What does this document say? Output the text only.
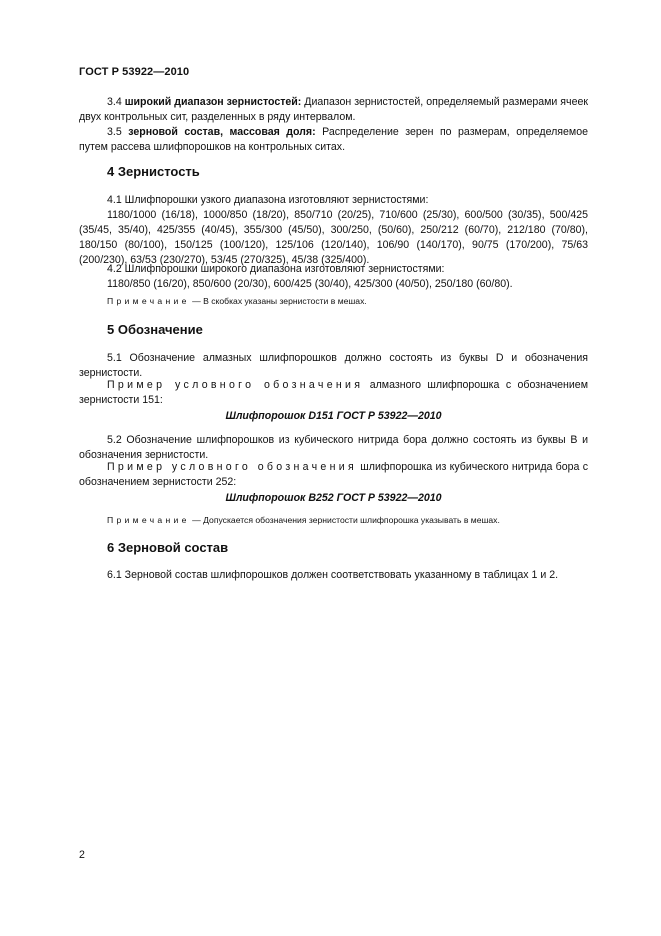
ГОСТ Р 53922—2010
3.4 широкий диапазон зернистостей: Диапазон зернистостей, определяемый размерами ячеек двух контрольных сит, разделенных в ряду интервалом.
3.5 зерновой состав, массовая доля: Распределение зерен по размерам, определяемое путем рассева шлифпорошков на контрольных ситах.
4 Зернистость
4.1 Шлифпорошки узкого диапазона изготовляют зернистостями:
1180/1000 (16/18), 1000/850 (18/20), 850/710 (20/25), 710/600 (25/30), 600/500 (30/35), 500/425 (35/45, 35/40), 425/355 (40/45), 355/300 (45/50), 300/250, (50/60), 250/212 (60/70), 212/180 (70/80), 180/150 (80/100), 150/125 (100/120), 125/106 (120/140), 106/90 (140/170), 90/75 (170/200), 75/63 (200/230), 63/53 (230/270), 53/45 (270/325), 45/38 (325/400).
4.2 Шлифпорошки широкого диапазона изготовляют зернистостями:
1180/850 (16/20), 850/600 (20/30), 600/425 (30/40), 425/300 (40/50), 250/180 (60/80).
Примечание — В скобках указаны зернистости в мешах.
5 Обозначение
5.1 Обозначение алмазных шлифпорошков должно состоять из буквы D и обозначения зернистости.
Пример условного обозначения алмазного шлифпорошка с обозначением зернистости 151:
Шлифпорошок D151 ГОСТ Р 53922—2010
5.2 Обозначение шлифпорошков из кубического нитрида бора должно состоять из буквы В и обозначения зернистости.
Пример условного обозначения шлифпорошка из кубического нитрида бора с обозначением зернистости 252:
Шлифпорошок В252 ГОСТ Р 53922—2010
Примечание — Допускается обозначения зернистости шлифпорошка указывать в мешах.
6 Зерновой состав
6.1 Зерновой состав шлифпорошков должен соответствовать указанному в таблицах 1 и 2.
2
